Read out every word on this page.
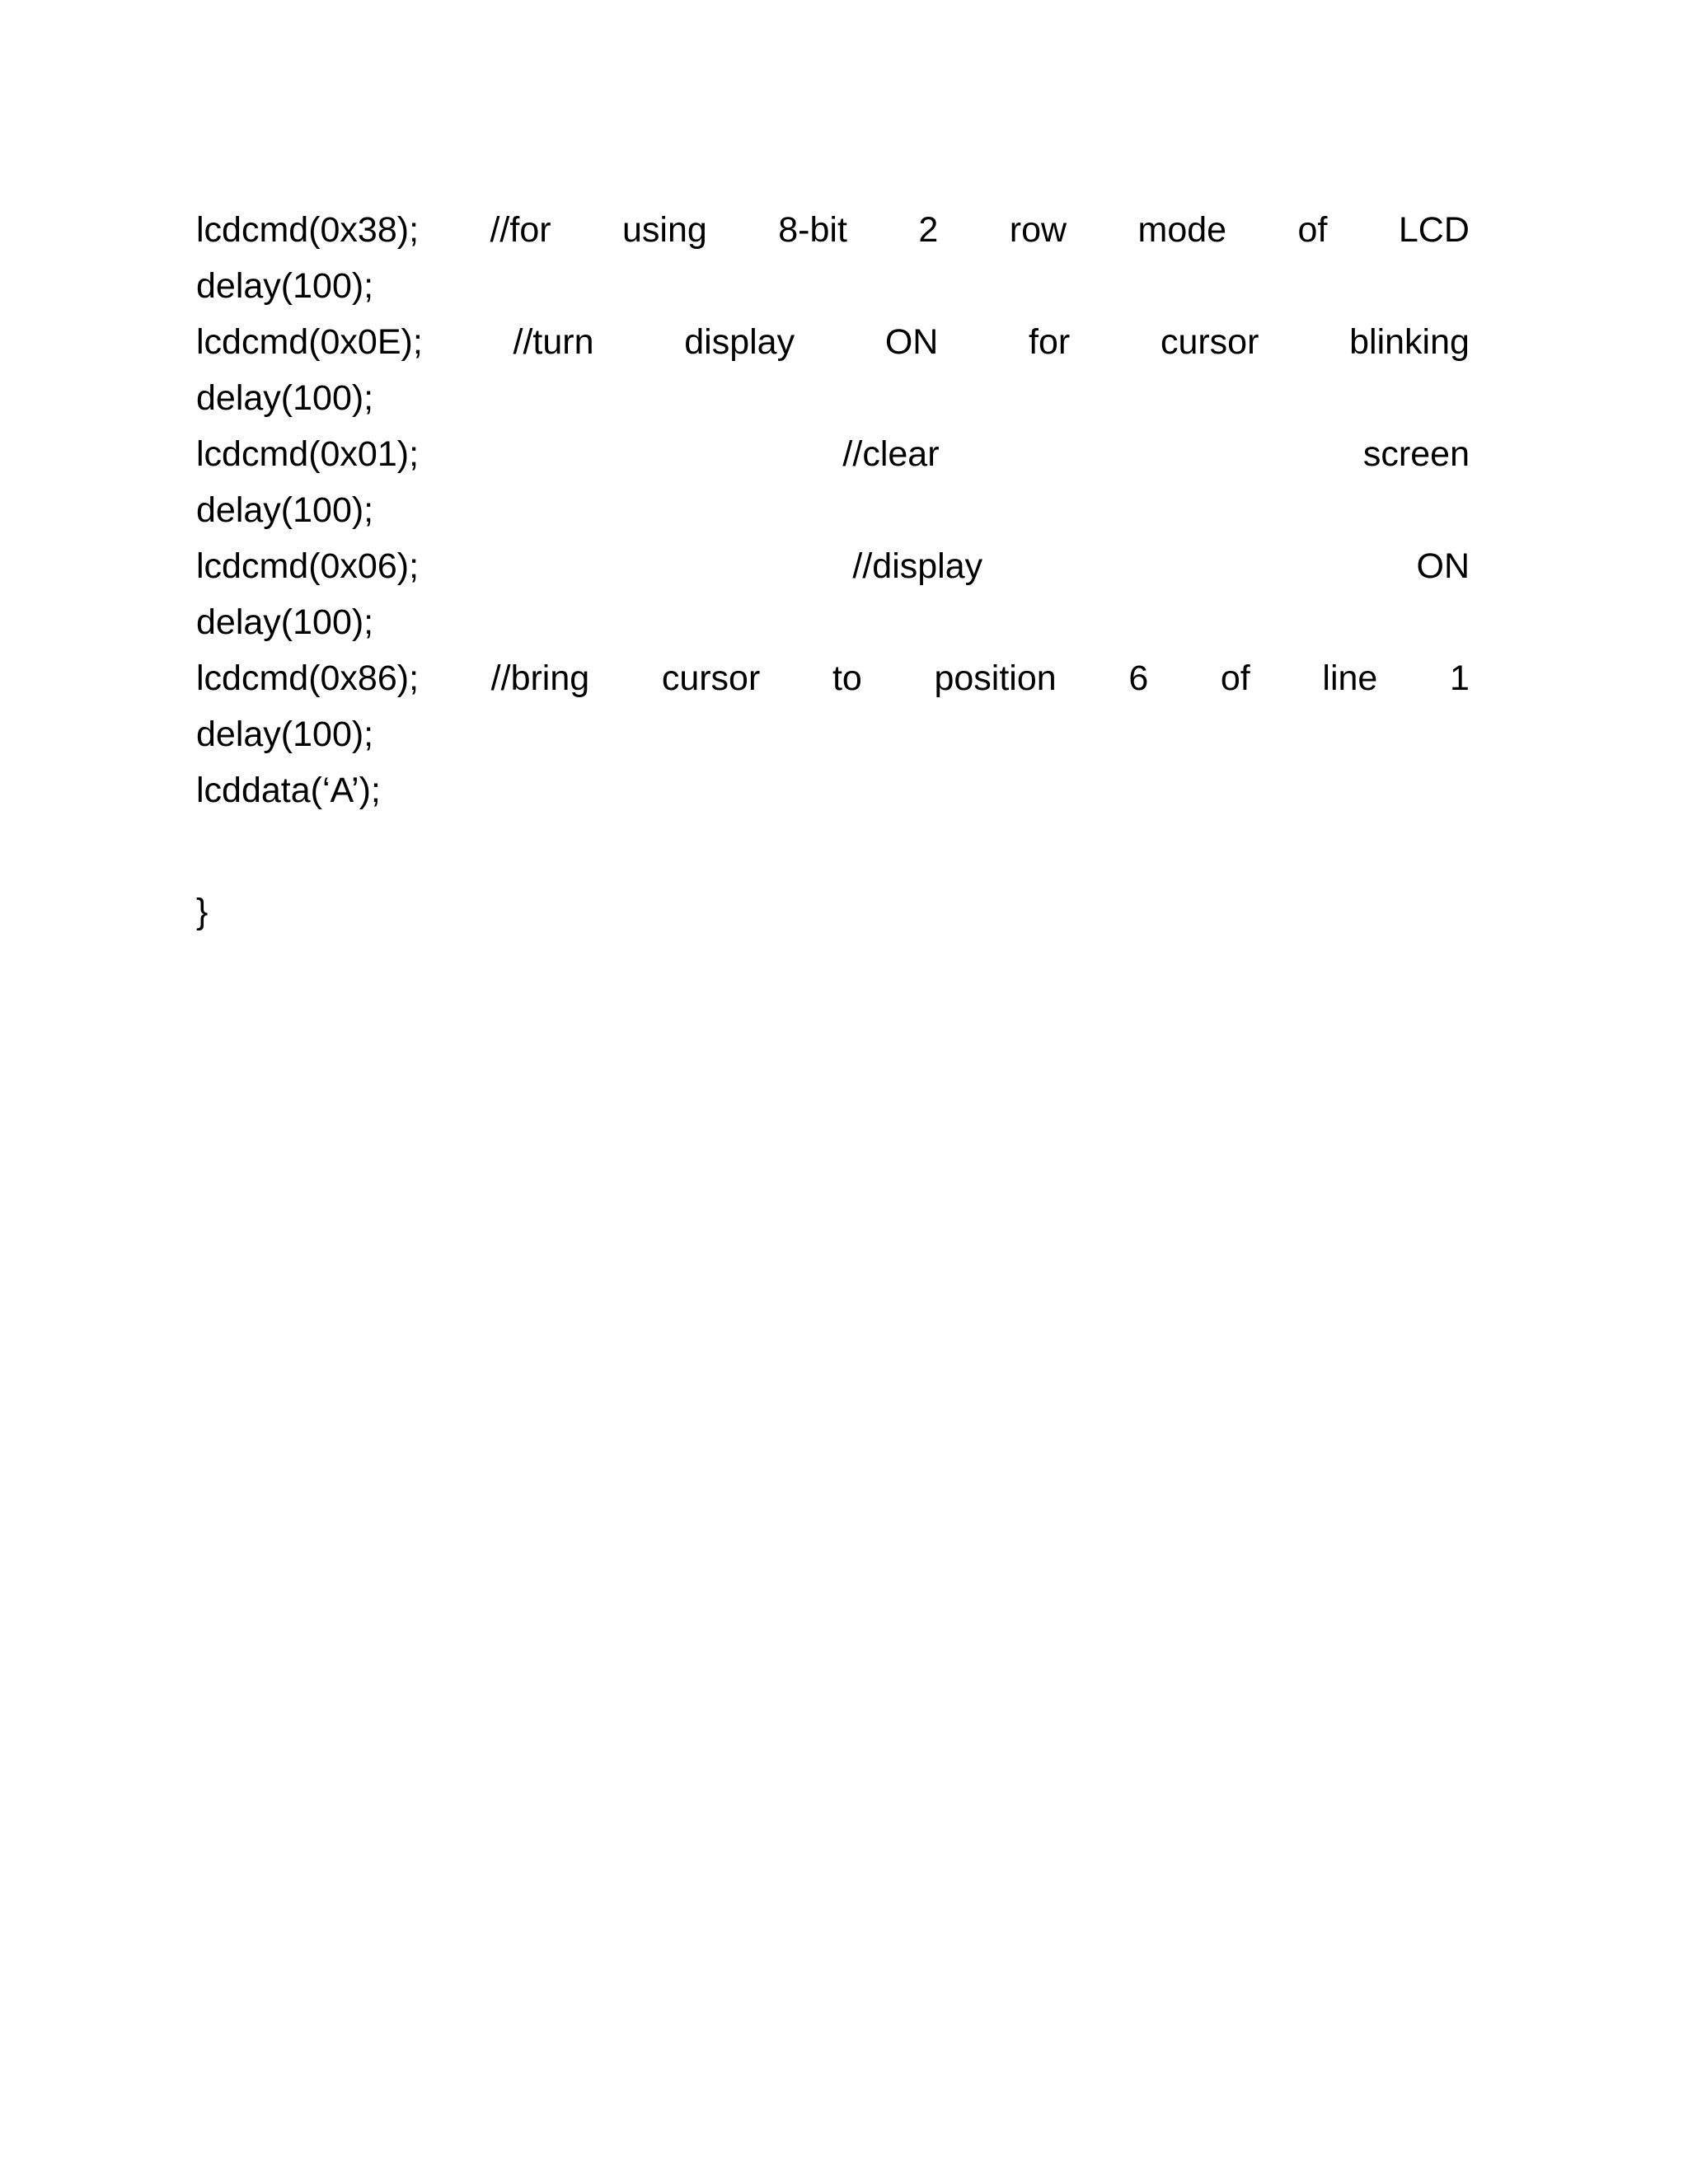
lcdcmd(0x38); //for using 8-bit 2 row mode of LCD
delay(100);
lcdcmd(0x0E);	//turn	display	ON	for	cursor	blinking
delay(100);
lcdcmd(0x01);	//clear	screen
delay(100);
lcdcmd(0x06);	//display	ON
delay(100);
lcdcmd(0x86); //bring cursor to position 6 of line 1
delay(100);
lcddata(‘A’);
}
